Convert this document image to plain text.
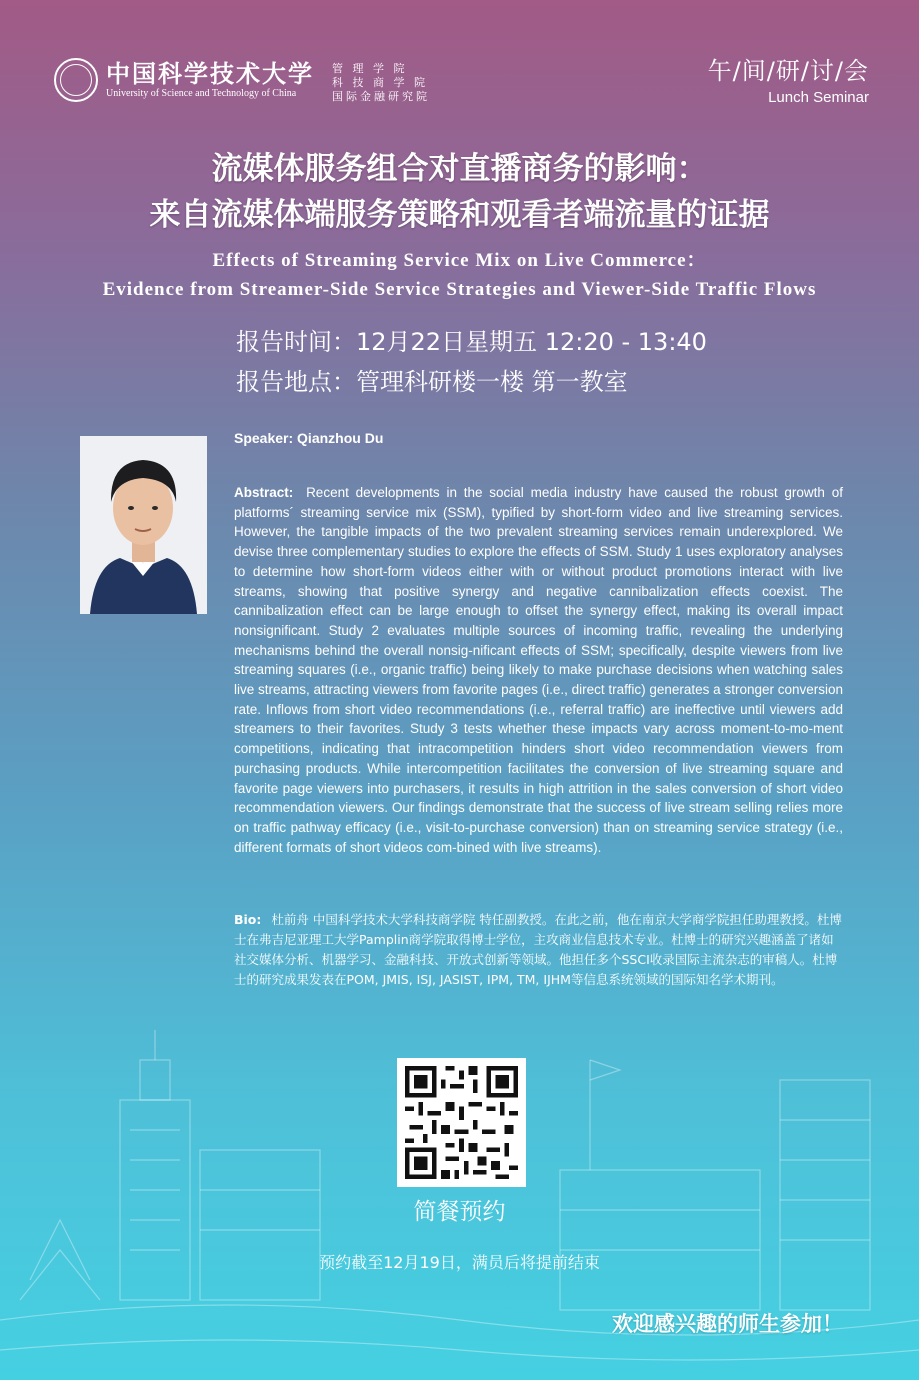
中国科学技术大学
University of Science and Technology of China
管 理 学 院
科 技 商 学 院
国际金融研究院
午/间/研/讨/会
Lunch Seminar
流媒体服务组合对直播商务的影响：
来自流媒体端服务策略和观看者端流量的证据
Effects of Streaming Service Mix on Live Commerce：
Evidence from Streamer-Side Service Strategies and Viewer-Side Traffic Flows
报告时间：12月22日星期五 12:20 - 13:40
报告地点：管理科研楼一楼 第一教室
Speaker: Qianzhou Du
Abstract: Recent developments in the social media industry have caused the robust growth of platforms´ streaming service mix (SSM), typified by short-form video and live streaming services. However, the tangible impacts of the two prevalent streaming services remain underexplored. We devise three complementary studies to explore the effects of SSM. Study 1 uses exploratory analyses to determine how short-form videos either with or without product promotions interact with live streams, showing that positive synergy and negative cannibalization effects coexist. The cannibalization effect can be large enough to offset the synergy effect, making its overall impact nonsignificant. Study 2 evaluates multiple sources of incoming traffic, revealing the underlying mechanisms behind the overall nonsig-nificant effects of SSM; specifically, despite viewers from live streaming squares (i.e., organic traffic) being likely to make purchase decisions when watching sales live streams, attracting viewers from favorite pages (i.e., direct traffic) generates a stronger conversion rate. Inflows from short video recommendations (i.e., referral traffic) are ineffective until viewers add streamers to their favorites. Study 3 tests whether these impacts vary across moment-to-mo-ment competitions, indicating that intracompetition hinders short video recommendation viewers from purchasing products. While intercompetition facilitates the conversion of live streaming square and favorite page viewers into purchasers, it results in high attrition in the sales conversion of short video recommendation viewers. Our findings demonstrate that the success of live stream selling relies more on traffic pathway efficacy (i.e., visit-to-purchase conversion) than on streaming service strategy (i.e., different formats of short videos com-bined with live streams).
Bio: 杜前舟 中国科学技术大学科技商学院 特任副教授。在此之前，他在南京大学商学院担任助理教授。杜博士在弗吉尼亚理工大学Pamplin商学院取得博士学位，主攻商业信息技术专业。杜博士的研究兴趣涵盖了诸如社交媒体分析、机器学习、金融科技、开放式创新等领域。他担任多个SSCI收录国际主流杂志的审稿人。杜博士的研究成果发表在POM, JMIS, ISJ, JASIST, IPM, TM, IJHM等信息系统领域的国际知名学术期刊。
简餐预约
预约截至12月19日，满员后将提前结束
欢迎感兴趣的师生参加！
